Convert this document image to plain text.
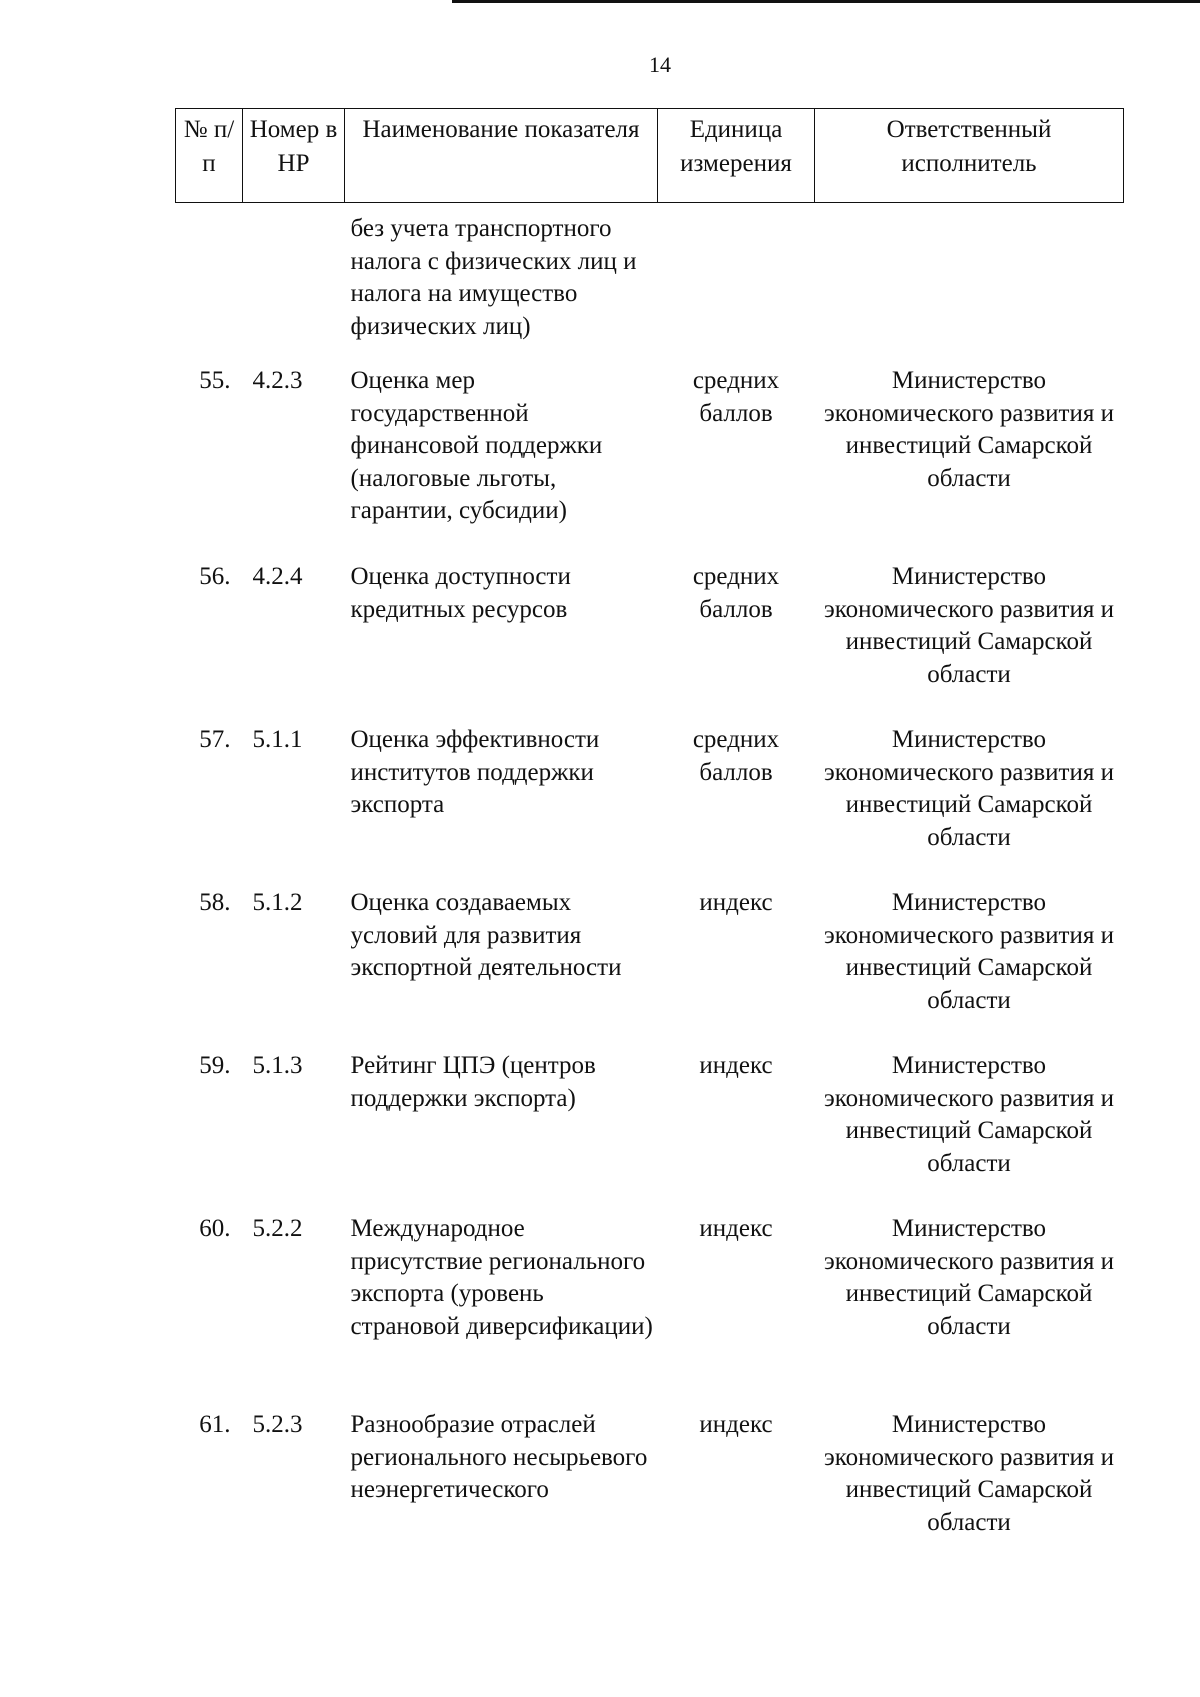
14
№ п/п	Номер в НР	Наименование показателя	Единица измерения	Ответственный исполнитель
		без учета транспортного налога с физических лиц и налога на имущество физических лиц)		
55.	4.2.3	Оценка мер государственной финансовой поддержки (налоговые льготы, гарантии, субсидии)	средних баллов	Министерство экономического развития и инвестиций Самарской области
56.	4.2.4	Оценка доступности кредитных ресурсов	средних баллов	Министерство экономического развития и инвестиций Самарской области
57.	5.1.1	Оценка эффективности институтов поддержки экспорта	средних баллов	Министерство экономического развития и инвестиций Самарской области
58.	5.1.2	Оценка создаваемых условий для развития экспортной деятельности	индекс	Министерство экономического развития и инвестиций Самарской области
59.	5.1.3	Рейтинг ЦПЭ (центров поддержки экспорта)	индекс	Министерство экономического развития и инвестиций Самарской области
60.	5.2.2	Международное присутствие регионального экспорта (уровень страновой диверсификации)	индекс	Министерство экономического развития и инвестиций Самарской области
61.	5.2.3	Разнообразие отраслей регионального несырьевого неэнергетического	индекс	Министерство экономического развития и инвестиций Самарской области
